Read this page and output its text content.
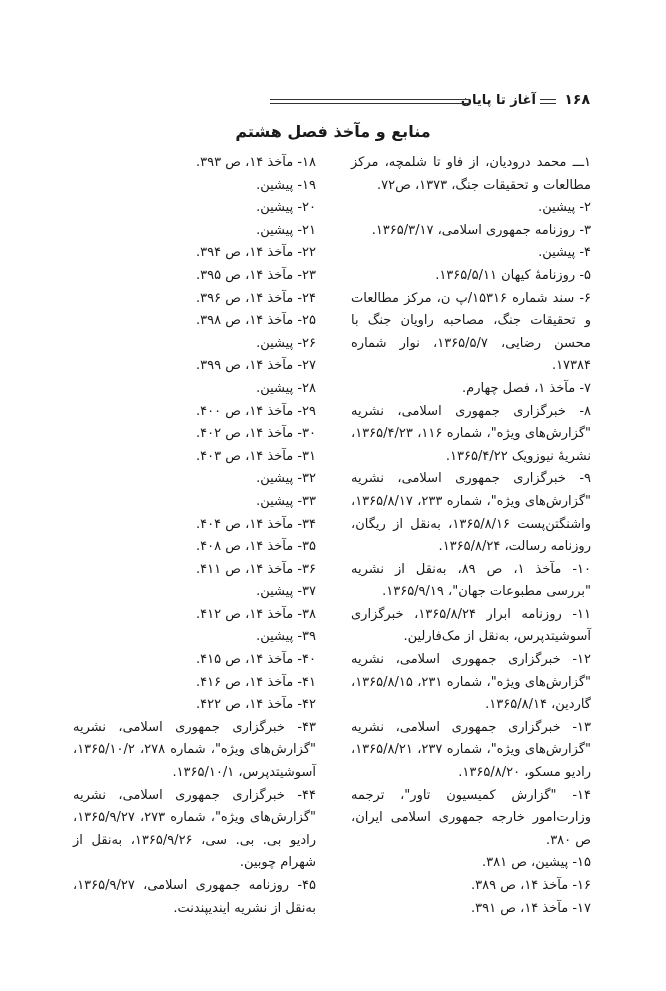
۱۶۸
آغاز تا پایان
منابع و مآخذ فصل هشتم

۱ـــ محمد درودیان، از فاو تا شلمچه، مرکز مطالعات و تحقیقات جنگ، ۱۳۷۳، ص۷۲.

۲- پیشین.

۳- روزنامه جمهوری اسلامی، ۱۳۶۵/۳/۱۷.

۴- پیشین.

۵- روزنامهٔ کیهان ۱۳۶۵/۵/۱۱.

۶- سند شماره ۱۵۳۱۶/پ ن، مرکز مطالعات و تحقیقات جنگ، مصاحبه راویان جنگ با محسن رضایی، ۱۳۶۵/۵/۷، نوار شماره ۱۷۳۸۴.

۷- مآخذ ۱، فصل چهارم.

۸- خبرگزاری جمهوری اسلامی، نشریه "گزارش‌های ویژه"، شماره ۱۱۶، ۱۳۶۵/۴/۲۳، نشریهٔ نیوزویک ۱۳۶۵/۴/۲۲.

۹- خبرگزاری جمهوری اسلامی، نشریه "گزارش‌های ویژه"، شماره ۲۳۳، ۱۳۶۵/۸/۱۷، واشنگتن‌پست ۱۳۶۵/۸/۱۶، به‌نقل از ریگان، روزنامه رسالت، ۱۳۶۵/۸/۲۴.

۱۰- مآخذ ۱، ص ۸۹، به‌نقل از نشریه "بررسی مطبوعات جهان"، ۱۳۶۵/۹/۱۹.

۱۱- روزنامه ابرار ۱۳۶۵/۸/۲۴، خبرگزاری آسوشیتدپرس، به‌نقل از مک‌فارلین.

۱۲- خبرگزاری جمهوری اسلامی، نشریه "گزارش‌های ویژه"، شماره ۲۳۱، ۱۳۶۵/۸/۱۵، گاردین، ۱۳۶۵/۸/۱۴.

۱۳- خبرگزاری جمهوری اسلامی، نشریه "گزارش‌های ویژه"، شماره ۲۳۷، ۱۳۶۵/۸/۲۱، رادیو مسکو، ۱۳۶۵/۸/۲۰.

۱۴- "گزارش کمیسیون تاور"، ترجمه وزارت‌امور خارجه جمهوری اسلامی ایران، ص ۳۸۰.

۱۵- پیشین، ص ۳۸۱.

۱۶- مآخذ ۱۴، ص ۳۸۹.

۱۷- مآخذ ۱۴، ص ۳۹۱.

۱۸- مآخذ ۱۴، ص ۳۹۳.

۱۹- پیشین.

۲۰- پیشین.

۲۱- پیشین.

۲۲- مآخذ ۱۴، ص ۳۹۴.

۲۳- مآخذ ۱۴، ص ۳۹۵.

۲۴- مآخذ ۱۴، ص ۳۹۶.

۲۵- مآخذ ۱۴، ص ۳۹۸.

۲۶- پیشین.

۲۷- مآخذ ۱۴، ص ۳۹۹.

۲۸- پیشین.

۲۹- مآخذ ۱۴، ص ۴۰۰.

۳۰- مآخذ ۱۴، ص ۴۰۲.

۳۱- مآخذ ۱۴، ص ۴۰۳.

۳۲- پیشین.

۳۳- پیشین.

۳۴- مآخذ ۱۴، ص ۴۰۴.

۳۵- مآخذ ۱۴، ص ۴۰۸.

۳۶- مآخذ ۱۴، ص ۴۱۱.

۳۷- پیشین.

۳۸- مآخذ ۱۴، ص ۴۱۲.

۳۹- پیشین.

۴۰- مآخذ ۱۴، ص ۴۱۵.

۴۱- مآخذ ۱۴، ص ۴۱۶.

۴۲- مآخذ ۱۴، ص ۴۲۲.

۴۳- خبرگزاری جمهوری اسلامی، نشریه "گزارش‌های ویژه"، شماره ۲۷۸، ۱۳۶۵/۱۰/۲، آسوشیتدپرس، ۱۳۶۵/۱۰/۱.

۴۴- خبرگزاری جمهوری اسلامی، نشریه "گزارش‌های ویژه"، شماره ۲۷۳، ۱۳۶۵/۹/۲۷، رادیو بی. بی. سی، ۱۳۶۵/۹/۲۶، به‌نقل از شهرام چوبین.

۴۵- روزنامه جمهوری اسلامی، ۱۳۶۵/۹/۲۷، به‌نقل از نشریه ایندیپندنت.
